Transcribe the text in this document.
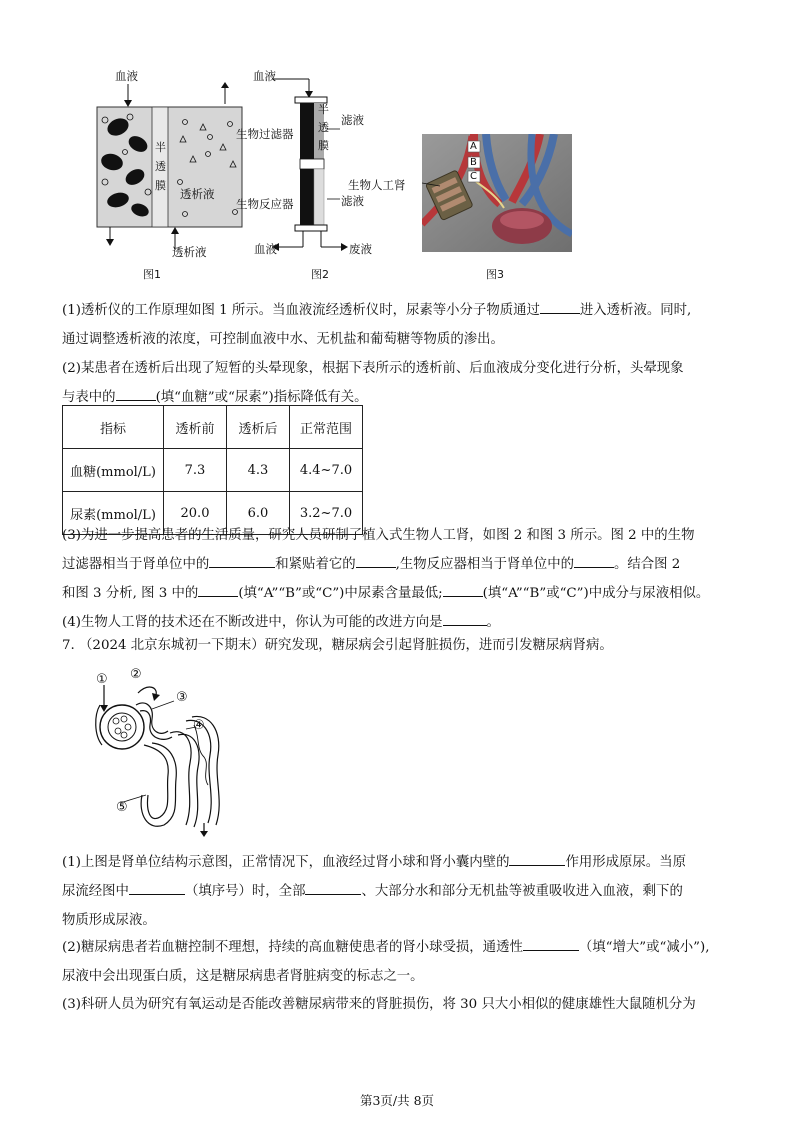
血液
半
透
膜
透析液
透析液
图1
血液
半
透
膜
生物过滤器
滤液
生物反应器	滤液
血液	废液
图2
A
B
C
生物人工肾
图3

(1)透析仪的工作原理如图 1 所示。当血液流经透析仪时，尿素等小分子物质通过	进入透析液。同时,

通过调整透析液的浓度，可控制血液中水、无机盐和葡萄糖等物质的渗出。

(2)某患者在透析后出现了短暂的头晕现象，根据下表所示的透析前、后血液成分变化进行分析，头晕现象

与表中的	(填“血糖”或“尿素”)指标降低有关。

指标	透析前	透析后	正常范围
血糖(mmol/L)	7.3	4.3	4.4~7.0
尿素(mmol/L)	20.0	6.0	3.2~7.0

(3)为进一步提高患者的生活质量，研究人员研制了植入式生物人工肾，如图 2 和图 3 所示。图 2 中的生物

过滤器相当于肾单位中的	和紧贴着它的	,生物反应器相当于肾单位中的	。结合图 2

和图 3 分析, 图 3 中的	(填“A”“B”或“C”)中尿素含量最低;	(填“A”“B”或“C”)中成分与尿液相似。

(4)生物人工肾的技术还在不断改进中，你认为可能的改进方向是	。

7. （2024 北京东城初一下期末）研究发现，糖尿病会引起肾脏损伤，进而引发糖尿病肾病。

① ②
③
④
⑤

(1)上图是肾单位结构示意图，正常情况下，血液经过肾小球和肾小囊内壁的	作用形成原尿。当原

尿流经图中	（填序号）时，全部	、大部分水和部分无机盐等被重吸收进入血液，剩下的

物质形成尿液。

(2)糖尿病患者若血糖控制不理想，持续的高血糖使患者的肾小球受损，通透性	（填“增大”或“减小”),

尿液中会出现蛋白质，这是糖尿病患者肾脏病变的标志之一。

(3)科研人员为研究有氧运动是否能改善糖尿病带来的肾脏损伤，将 30 只大小相似的健康雄性大鼠随机分为

第3页/共 8页
